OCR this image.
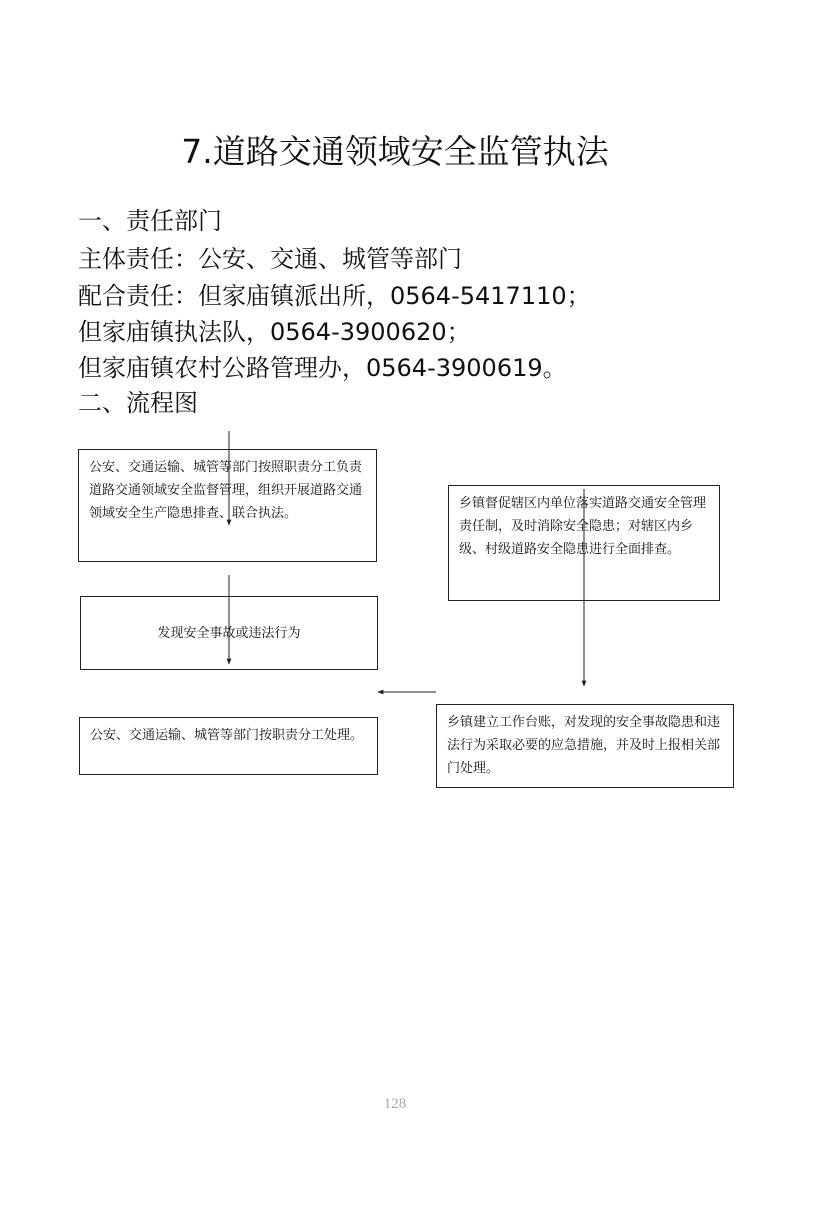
7.道路交通领域安全监管执法
一、责任部门
主体责任：公安、交通、城管等部门
配合责任：但家庙镇派出所，0564-5417110；
但家庙镇执法队，0564-3900620；
但家庙镇农村公路管理办，0564-3900619。
二、流程图
公安、交通运输、城管等部门按照职责分工负责道路交通领域安全监督管理，组织开展道路交通领域安全生产隐患排查、联合执法。
发现安全事故或违法行为
公安、交通运输、城管等部门按职责分工处理。
乡镇督促辖区内单位落实道路交通安全管理责任制，及时消除安全隐患；对辖区内乡级、村级道路安全隐患进行全面排查。
乡镇建立工作台账，对发现的安全事故隐患和违法行为采取必要的应急措施，并及时上报相关部门处理。
128
